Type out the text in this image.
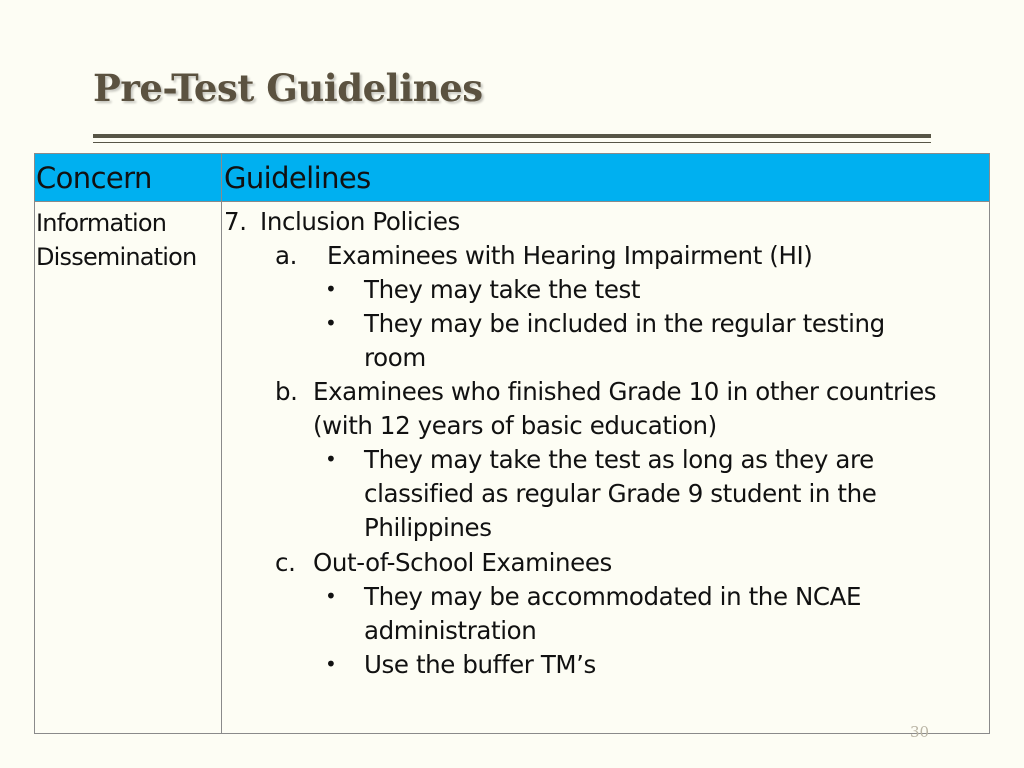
Pre-Test Guidelines
Concern Guidelines
Information
Dissemination
7. Inclusion Policies
a. Examinees with Hearing Impairment (HI)
• They may take the test
• They may be included in the regular testing
room
b. Examinees who finished Grade 10 in other countries
(with 12 years of basic education)
• They may take the test as long as they are
classified as regular Grade 9 student in the
Philippines
c. Out-of-School Examinees
• They may be accommodated in the NCAE
administration
• Use the buffer TM’s
30
